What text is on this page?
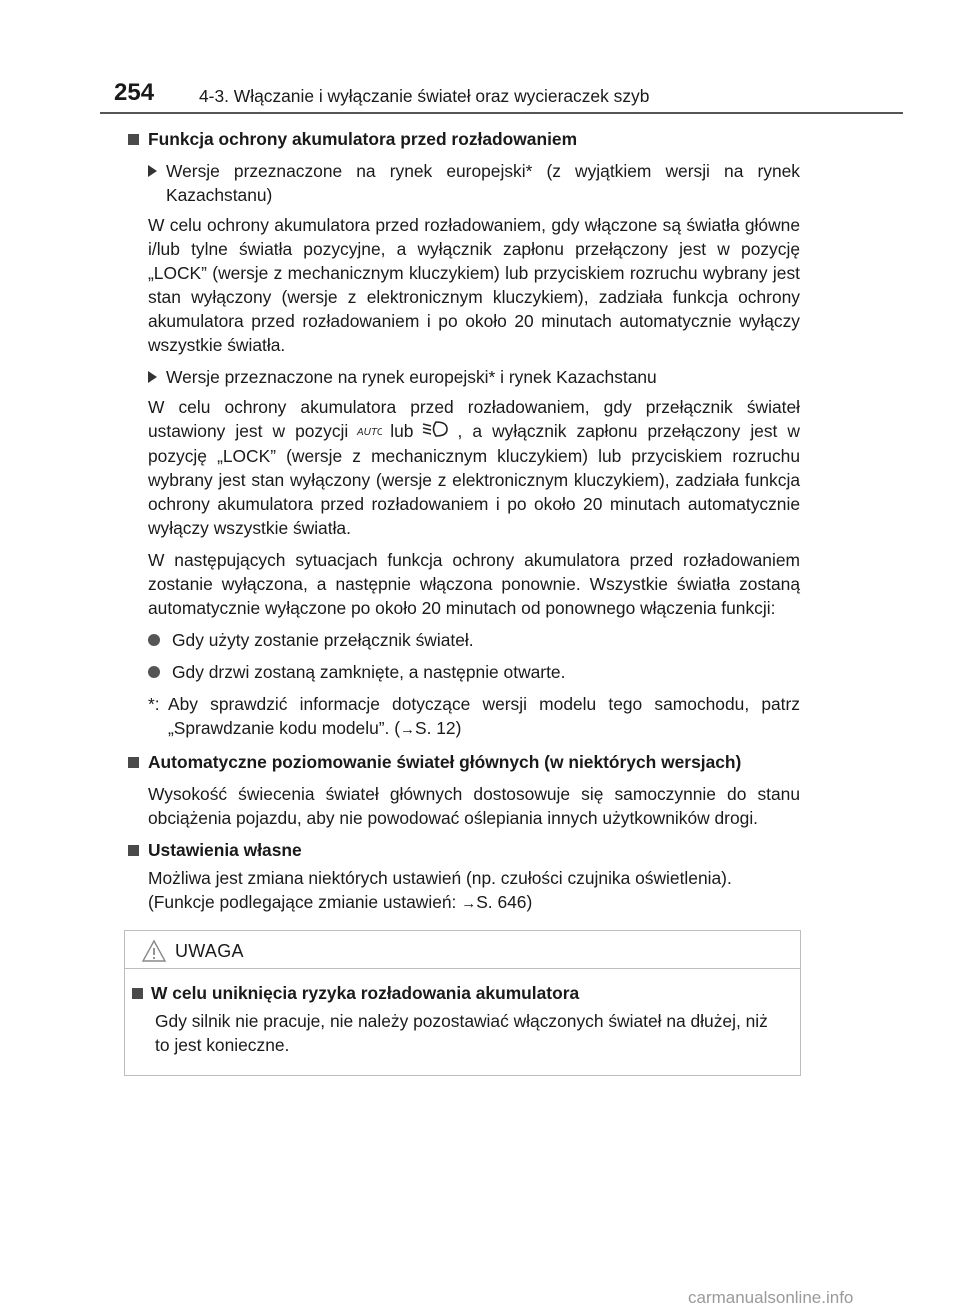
254	4-3. Włączanie i wyłączanie świateł oraz wycieraczek szyb

Funkcja ochrony akumulatora przed rozładowaniem

Wersje przeznaczone na rynek europejski* (z wyjątkiem wersji na rynek Kazachstanu)

W celu ochrony akumulatora przed rozładowaniem, gdy włączone są światła główne i/lub tylne światła pozycyjne, a wyłącznik zapłonu przełączony jest w pozycję „LOCK” (wersje z mechanicznym kluczykiem) lub przyciskiem rozruchu wybrany jest stan wyłączony (wersje z elektronicznym kluczykiem), zadziała funkcja ochrony akumulatora przed rozładowaniem i po około 20 minutach automatycznie wyłączy wszystkie światła.

Wersje przeznaczone na rynek europejski* i rynek Kazachstanu

W celu ochrony akumulatora przed rozładowaniem, gdy przełącznik świateł ustawiony jest w pozycji AUTO lub	, a wyłącznik zapłonu przełączony jest w pozycję „LOCK” (wersje z mechanicznym kluczykiem) lub przyciskiem rozruchu wybrany jest stan wyłączony (wersje z elektronicznym kluczykiem), zadziała funkcja ochrony akumulatora przed rozładowaniem i po około 20 minutach automatycznie wyłączy wszystkie światła.

W następujących sytuacjach funkcja ochrony akumulatora przed rozładowaniem zostanie wyłączona, a następnie włączona ponownie. Wszystkie światła zostaną automatycznie wyłączone po około 20 minutach od ponownego włączenia funkcji:

Gdy użyty zostanie przełącznik świateł.

Gdy drzwi zostaną zamknięte, a następnie otwarte.

*: Aby sprawdzić informacje dotyczące wersji modelu tego samochodu, patrz „Sprawdzanie kodu modelu”. (→S. 12)

Automatyczne poziomowanie świateł głównych (w niektórych wersjach)

Wysokość świecenia świateł głównych dostosowuje się samoczynnie do stanu obciążenia pojazdu, aby nie powodować oślepiania innych użytkowników drogi.

Ustawienia własne

Możliwa jest zmiana niektórych ustawień (np. czułości czujnika oświetlenia).
(Funkcje podlegające zmianie ustawień: →S. 646)

UWAGA

W celu uniknięcia ryzyka rozładowania akumulatora

Gdy silnik nie pracuje, nie należy pozostawiać włączonych świateł na dłużej, niż to jest konieczne.

carmanualsonline.info
